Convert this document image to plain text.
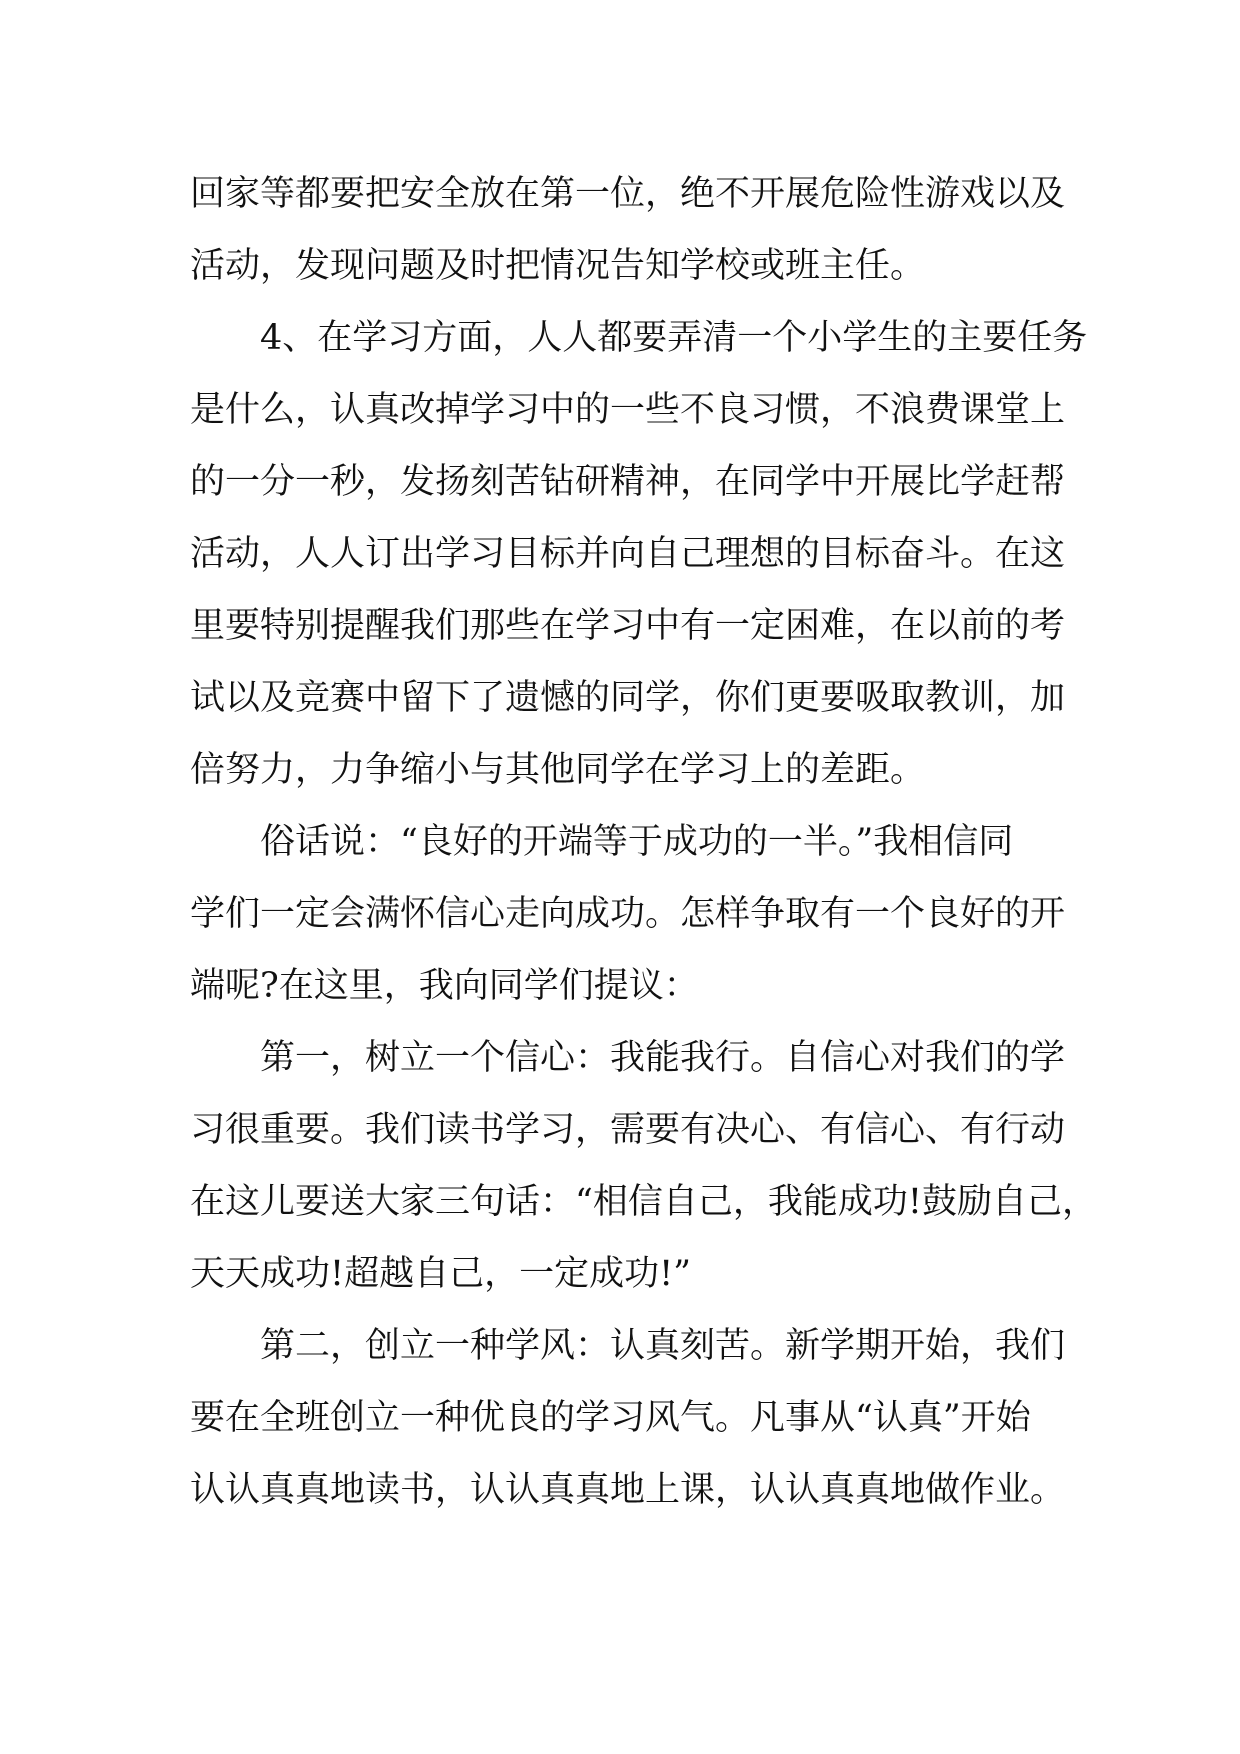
回家等都要把安全放在第一位，绝不开展危险性游戏以及
活动，发现问题及时把情况告知学校或班主任。
4、在学习方面，人人都要弄清一个小学生的主要任务
是什么，认真改掉学习中的一些不良习惯，不浪费课堂上
的一分一秒，发扬刻苦钻研精神，在同学中开展比学赶帮
活动，人人订出学习目标并向自己理想的目标奋斗。在这
里要特别提醒我们那些在学习中有一定困难，在以前的考
试以及竞赛中留下了遗憾的同学，你们更要吸取教训，加
倍努力，力争缩小与其他同学在学习上的差距。
俗话说：“良好的开端等于成功的一半。”我相信同
学们一定会满怀信心走向成功。怎样争取有一个良好的开
端呢?在这里，我向同学们提议：
第一，树立一个信心：我能我行。自信心对我们的学
习很重要。我们读书学习，需要有决心、有信心、有行动
在这儿要送大家三句话：“相信自己，我能成功!鼓励自己，
天天成功!超越自己，一定成功!”
第二，创立一种学风：认真刻苦。新学期开始，我们
要在全班创立一种优良的学习风气。凡事从“认真”开始
认认真真地读书，认认真真地上课，认认真真地做作业。
